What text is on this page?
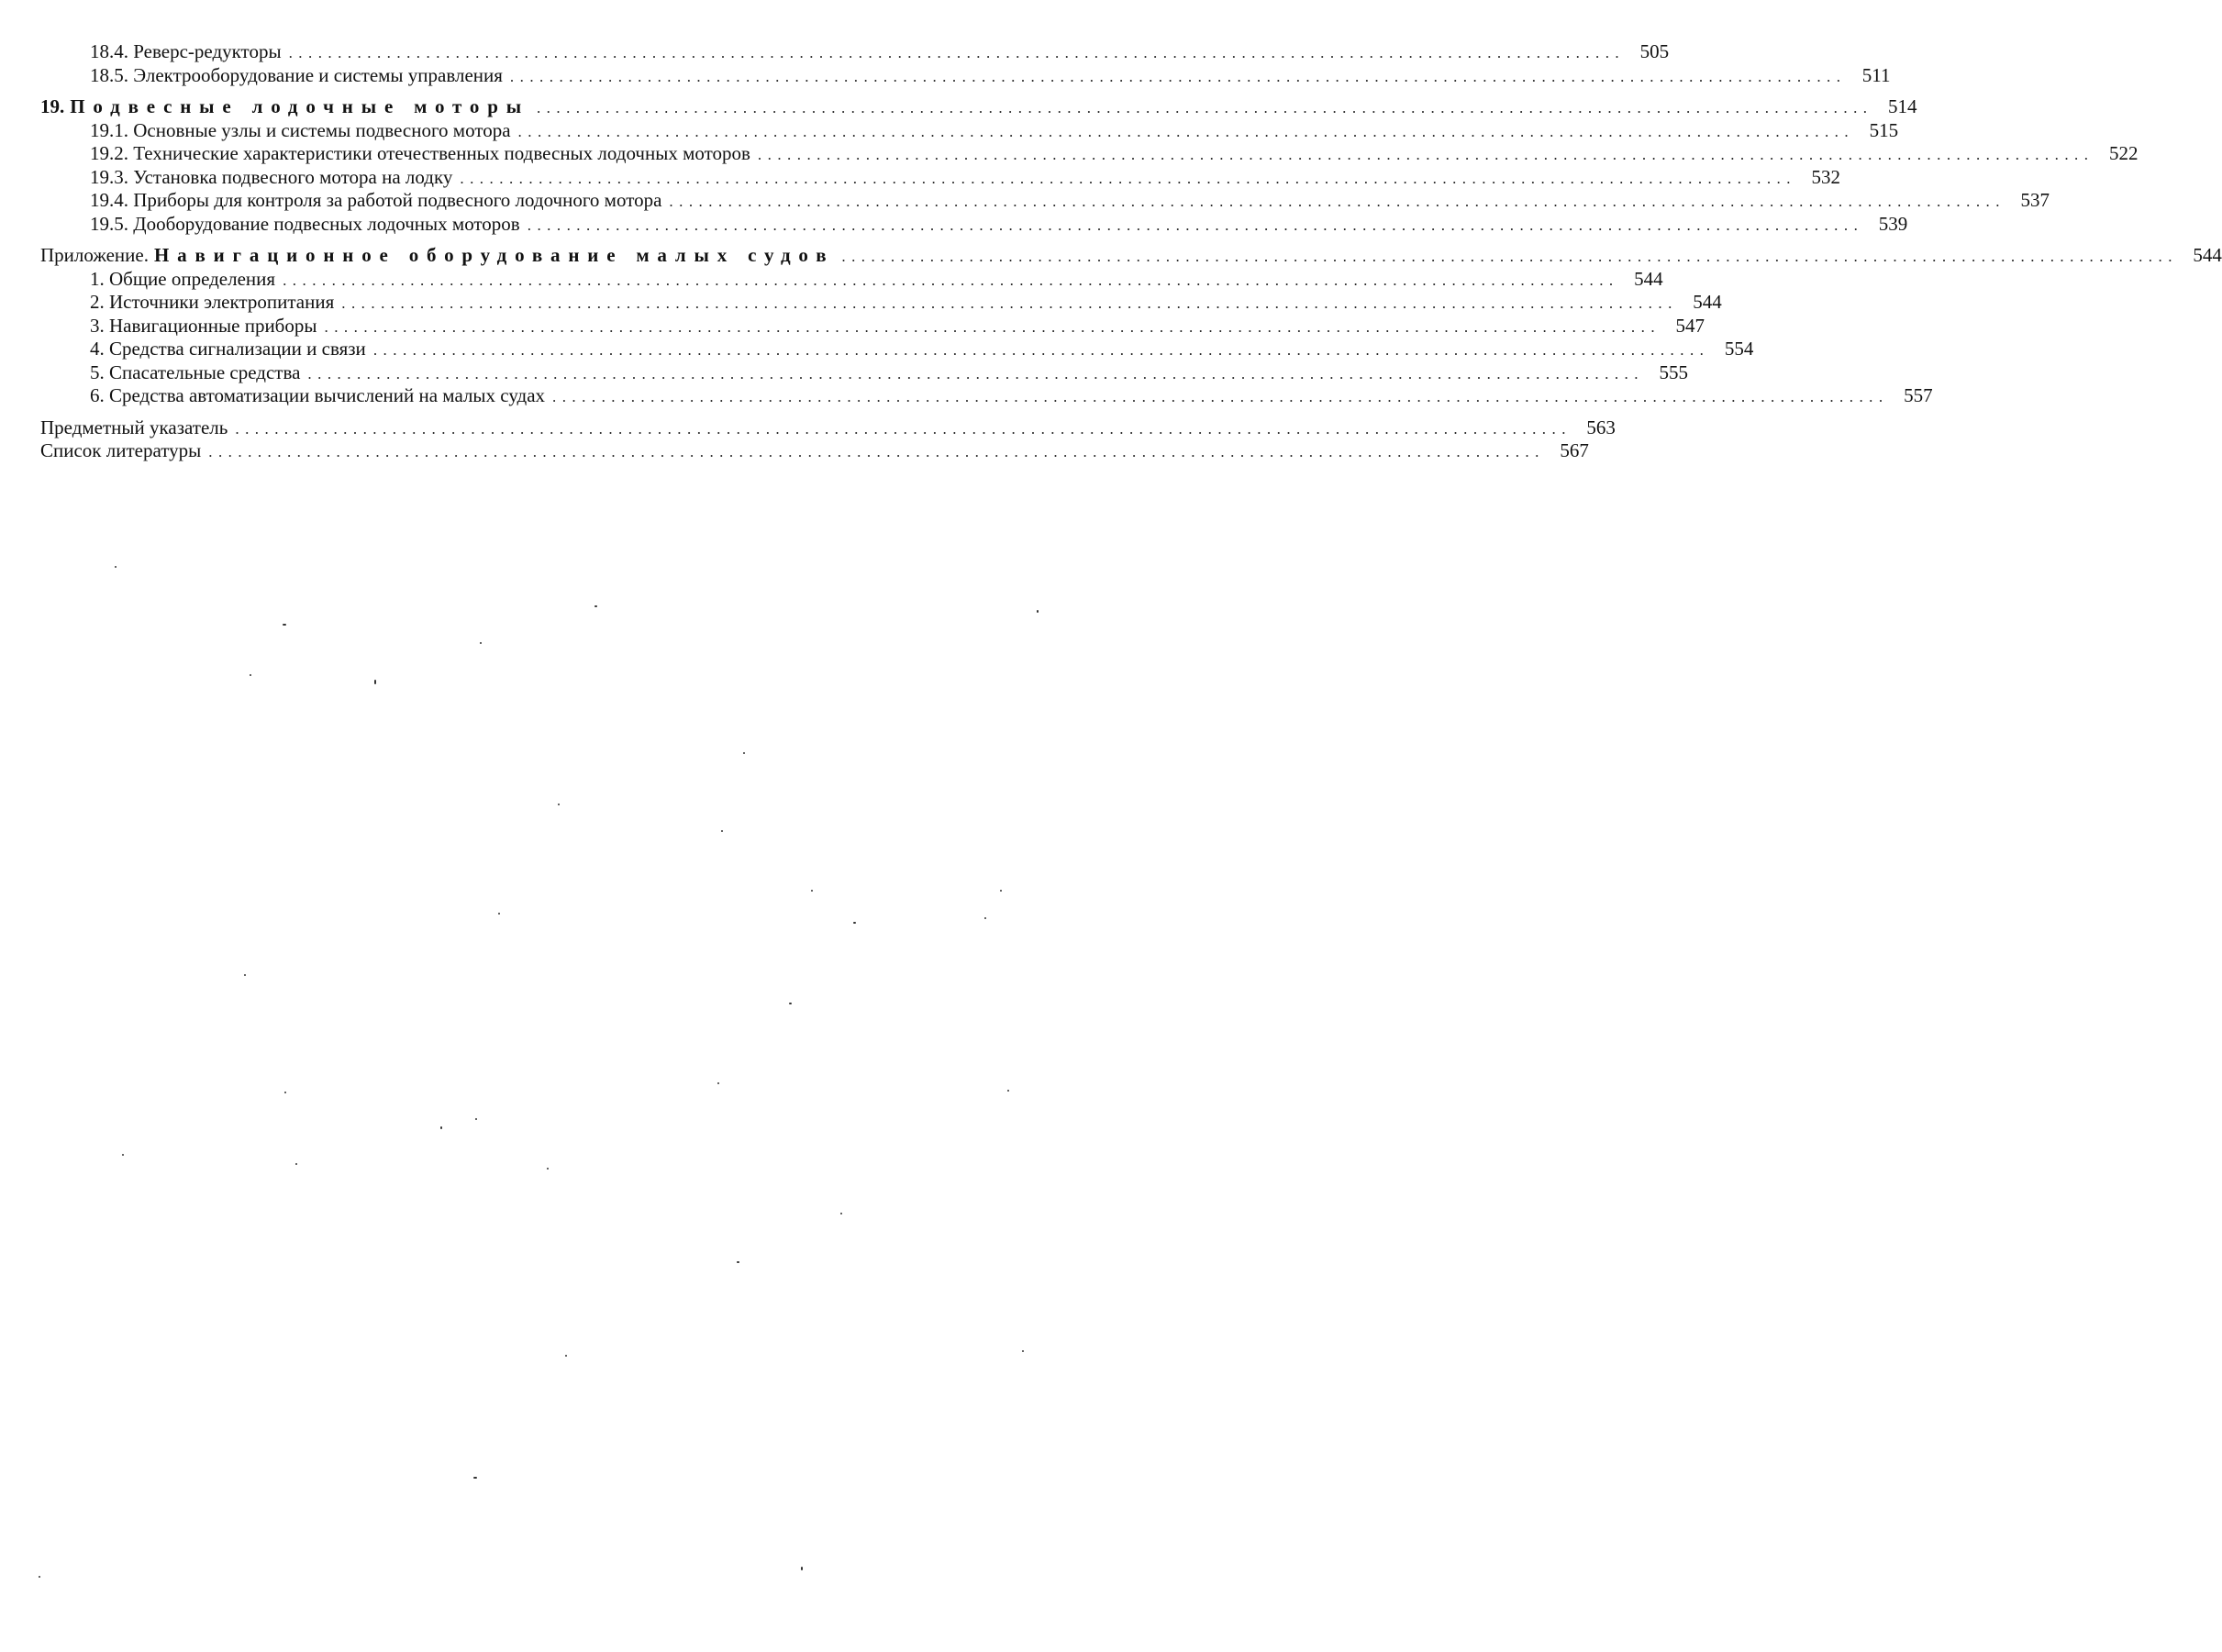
18.4. Реверс-редукторы ........................................................................................................................................ 505
18.5. Электрооборудование и системы управления ........................................................................................................................................ 511
19. Подвесные лодочные моторы ........................................................................................................................................ 514
19.1. Основные узлы и системы подвесного мотора ........................................................................................................................................ 515
19.2. Технические характеристики отечественных подвесных лодочных моторов ........................................................................................................................................ 522
19.3. Установка подвесного мотора на лодку ........................................................................................................................................ 532
19.4. Приборы для контроля за работой подвесного лодочного мотора ........................................................................................................................................ 537
19.5. Дооборудование подвесных лодочных моторов ........................................................................................................................................ 539
Приложение. Навигационное оборудование малых судов ........................................................................................................................................ 544
1. Общие определения ........................................................................................................................................ 544
2. Источники электропитания ........................................................................................................................................ 544
3. Навигационные приборы ........................................................................................................................................ 547
4. Средства сигнализации и связи ........................................................................................................................................ 554
5. Спасательные средства ........................................................................................................................................ 555
6. Средства автоматизации вычислений на малых судах ........................................................................................................................................ 557
Предметный указатель ........................................................................................................................................ 563
Список литературы ........................................................................................................................................ 567
